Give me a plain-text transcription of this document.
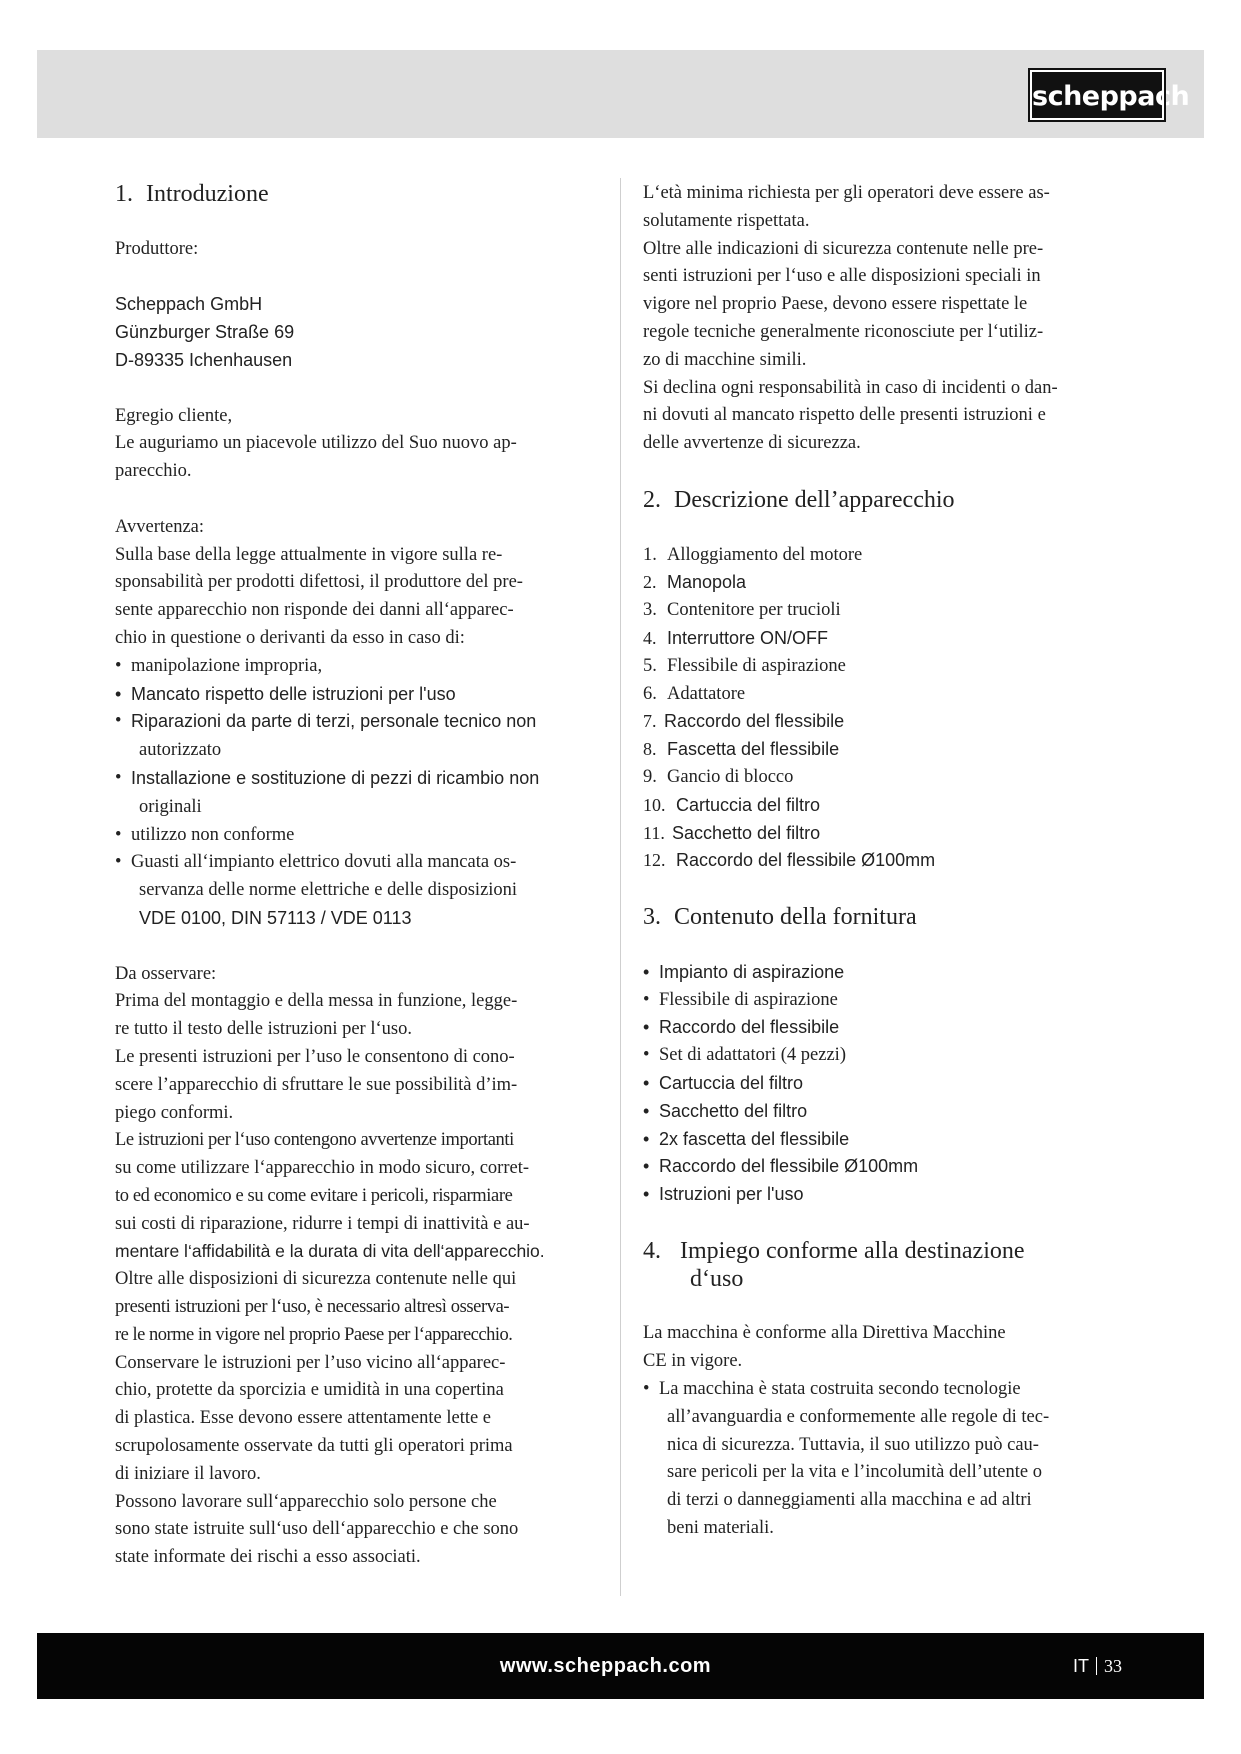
scheppach
1. Introduzione

Produttore:

Scheppach GmbH

Günzburger Straße 69

D-89335 Ichenhausen

Egregio cliente,

Le auguriamo un piacevole utilizzo del Suo nuovo ap-

parecchio.

Avvertenza:

Sulla base della legge attualmente in vigore sulla re-

sponsabilità per prodotti difettosi, il produttore del pre-

sente apparecchio non risponde dei danni all‘apparec-

chio in questione o derivanti da esso in caso di:

• manipolazione impropria,
• Mancato rispetto delle istruzioni per l'uso
• Riparazioni da parte di terzi, personale tecnico non
autorizzato
• Installazione e sostituzione di pezzi di ricambio non
originali
• utilizzo non conforme
• Guasti all‘impianto elettrico dovuti alla mancata os-
servanza delle norme elettriche e delle disposizioni
VDE 0100, DIN 57113 / VDE 0113

Da osservare:

Prima del montaggio e della messa in funzione, legge-

re tutto il testo delle istruzioni per l‘uso.

Le presenti istruzioni per l’uso le consentono di cono-

scere l’apparecchio di sfruttare le sue possibilità d’im-

piego conformi.

Le istruzioni per l‘uso contengono avvertenze importanti

su come utilizzare l‘apparecchio in modo sicuro, corret-

to ed economico e su come evitare i pericoli, risparmiare

sui costi di riparazione, ridurre i tempi di inattività e au-

mentare l‘affidabilità e la durata di vita dell‘apparecchio.

Oltre alle disposizioni di sicurezza contenute nelle qui

presenti istruzioni per l‘uso, è necessario altresì osserva-

re le norme in vigore nel proprio Paese per l‘apparecchio.

Conservare le istruzioni per l’uso vicino all‘apparec-

chio, protette da sporcizia e umidità in una copertina

di plastica. Esse devono essere attentamente lette e

scrupolosamente osservate da tutti gli operatori prima

di iniziare il lavoro.

Possono lavorare sull‘apparecchio solo persone che

sono state istruite sull‘uso dell‘apparecchio e che sono

state informate dei rischi a esso associati.

L‘età minima richiesta per gli operatori deve essere as-

solutamente rispettata.

Oltre alle indicazioni di sicurezza contenute nelle pre-

senti istruzioni per l‘uso e alle disposizioni speciali in

vigore nel proprio Paese, devono essere rispettate le

regole tecniche generalmente riconosciute per l‘utiliz-

zo di macchine simili.

Si declina ogni responsabilità in caso di incidenti o dan-

ni dovuti al mancato rispetto delle presenti istruzioni e

delle avvertenze di sicurezza.

2. Descrizione dell’apparecchio
1. Alloggiamento del motore
2. Manopola
3. Contenitore per trucioli
4. Interruttore ON/OFF
5. Flessibile di aspirazione
6. Adattatore
7. Raccordo del flessibile
8. Fascetta del flessibile
9. Gancio di blocco
10. Cartuccia del filtro
11. Sacchetto del filtro
12. Raccordo del flessibile Ø100mm
3. Contenuto della fornitura
• Impianto di aspirazione
• Flessibile di aspirazione
• Raccordo del flessibile
• Set di adattatori (4 pezzi)
• Cartuccia del filtro
• Sacchetto del filtro
• 2x fascetta del flessibile
• Raccordo del flessibile Ø100mm
• Istruzioni per l'uso
4. Impiego conforme alla destinazione
d‘uso

La macchina è conforme alla Direttiva Macchine

CE in vigore.

• La macchina è stata costruita secondo tecnologie
all’avanguardia e conformemente alle regole di tec-
nica di sicurezza. Tuttavia, il suo utilizzo può cau-
sare pericoli per la vita e l’incolumità dell’utente o
di terzi o danneggiamenti alla macchina e ad altri
beni materiali.
www.scheppach.com	IT 33
